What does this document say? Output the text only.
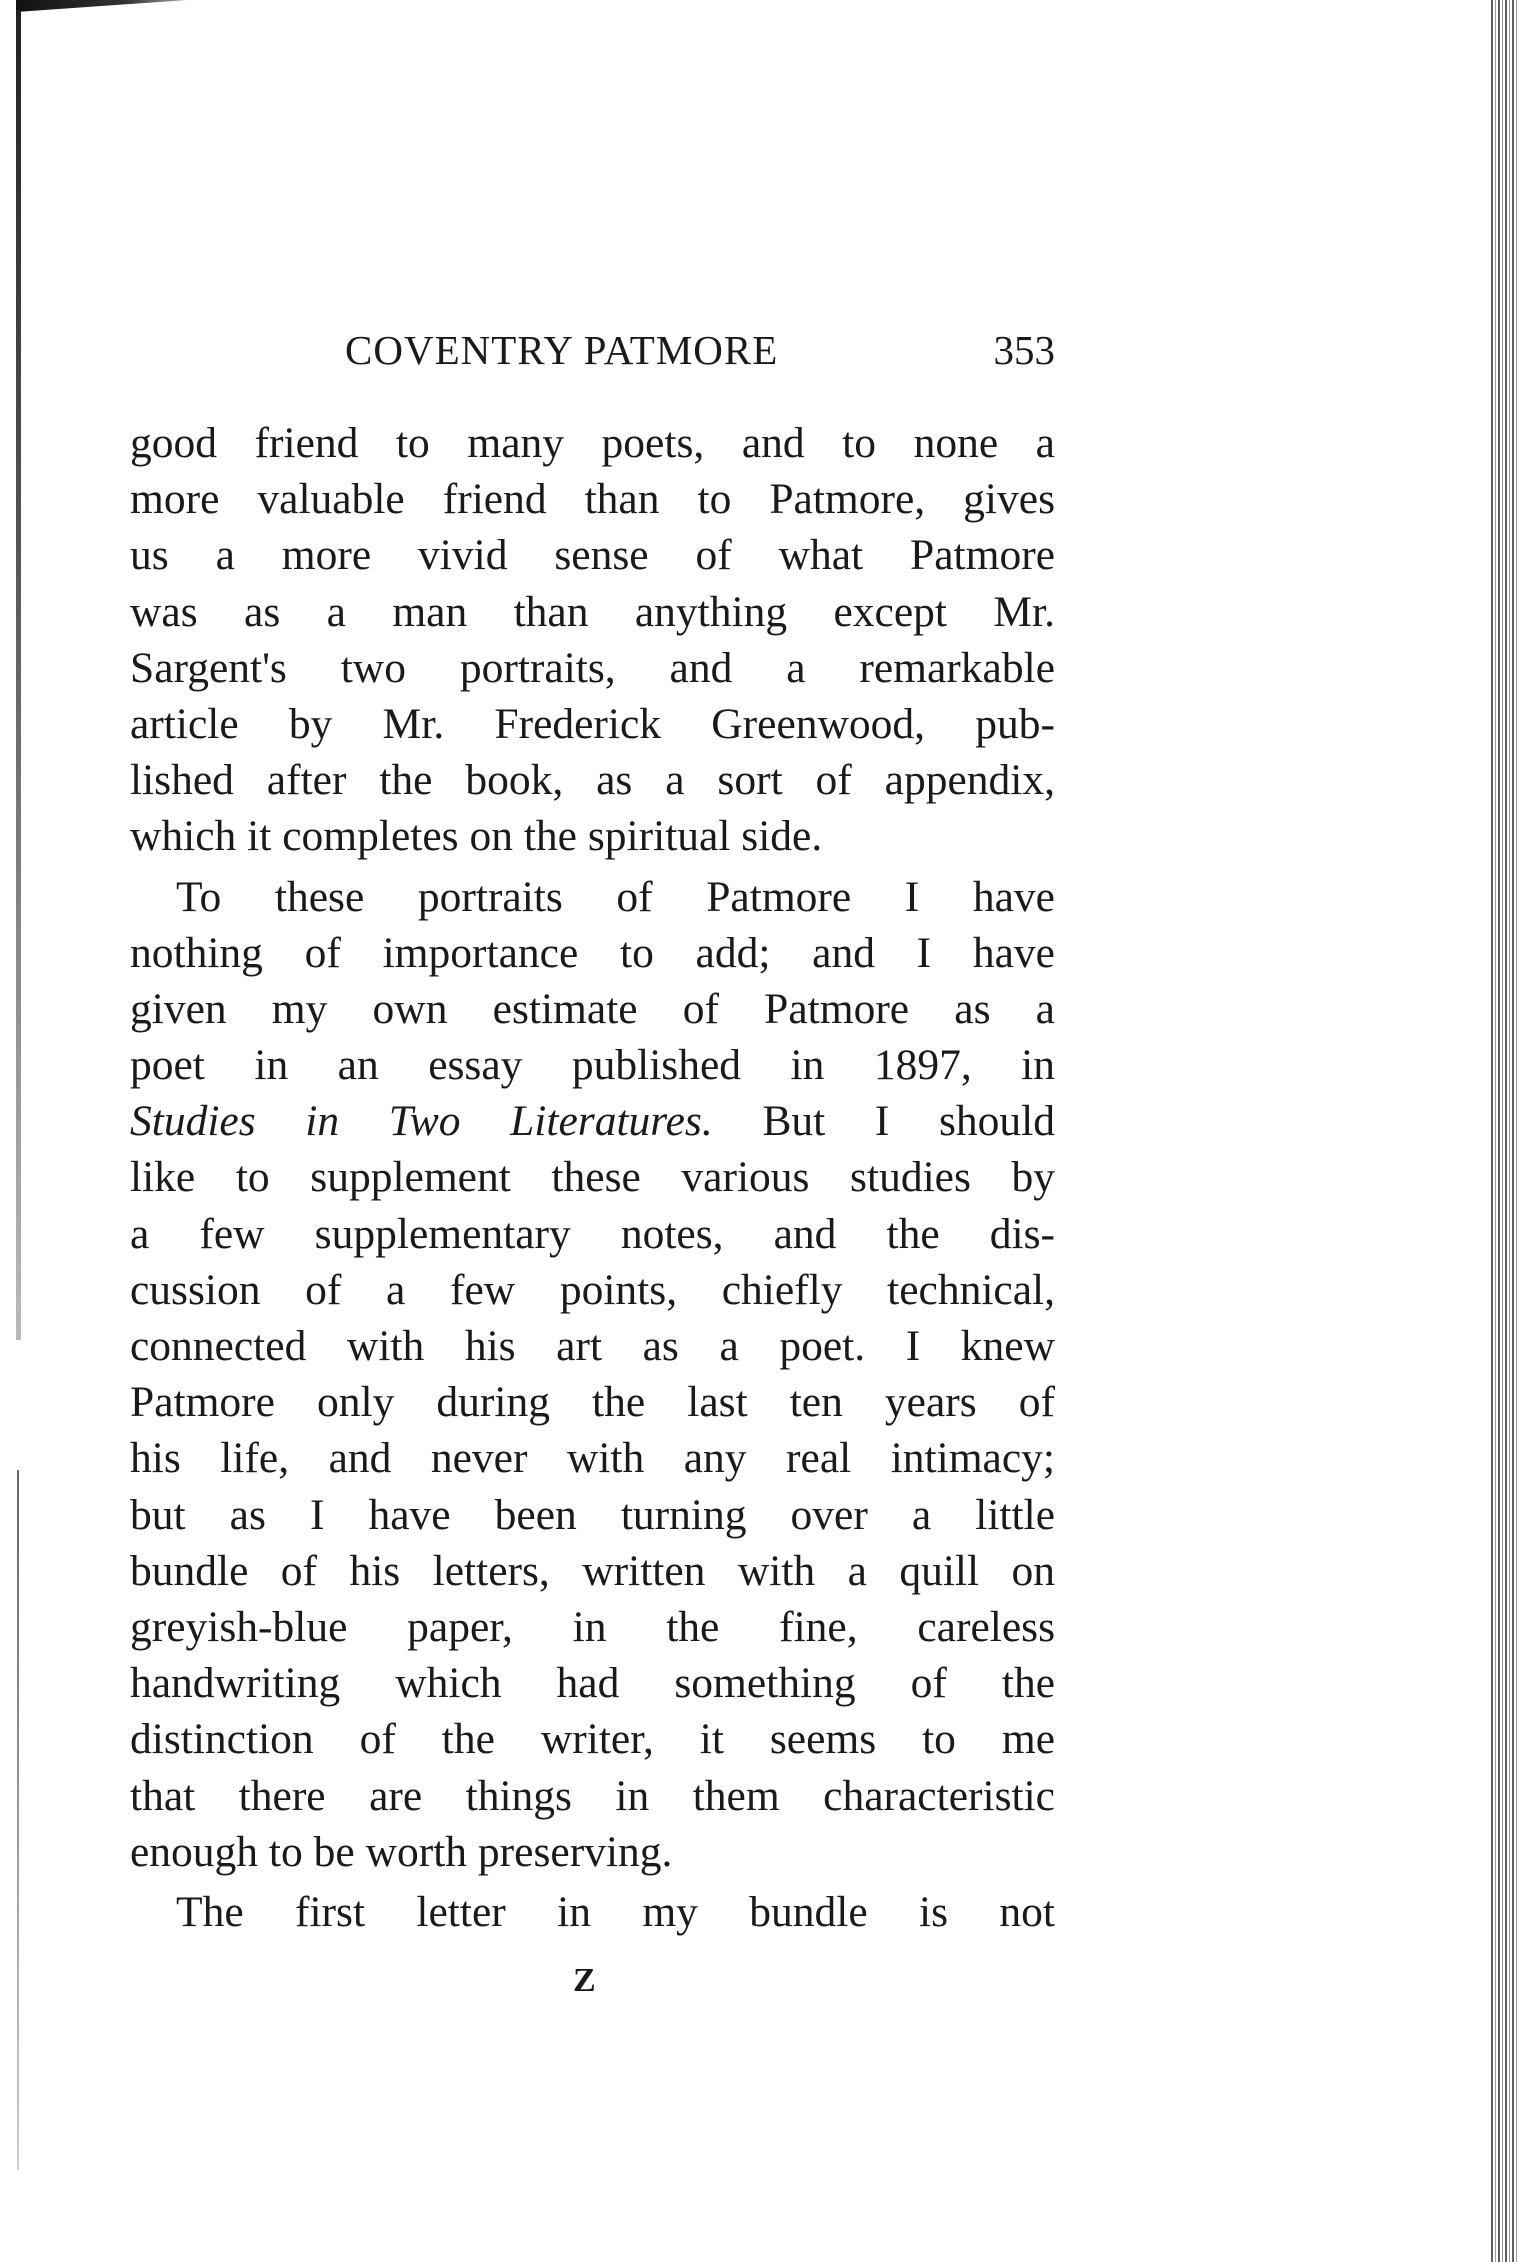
COVENTRY PATMORE	353
good friend to many poets, and to none a
more valuable friend than to Patmore, gives
us a more vivid sense of what Patmore
was as a man than anything except Mr.
Sargent's two portraits, and a remarkable
article by Mr. Frederick Greenwood, pub-
lished after the book, as a sort of appendix,
which it completes on the spiritual side.
To these portraits of Patmore I have
nothing of importance to add; and I have
given my own estimate of Patmore as a
poet in an essay published in 1897, in
Studies in Two Literatures. But I should
like to supplement these various studies by
a few supplementary notes, and the dis-
cussion of a few points, chiefly technical,
connected with his art as a poet. I knew
Patmore only during the last ten years of
his life, and never with any real intimacy;
but as I have been turning over a little
bundle of his letters, written with a quill on
greyish-blue paper, in the fine, careless
handwriting which had something of the
distinction of the writer, it seems to me
that there are things in them characteristic
enough to be worth preserving.
The first letter in my bundle is not
Z
